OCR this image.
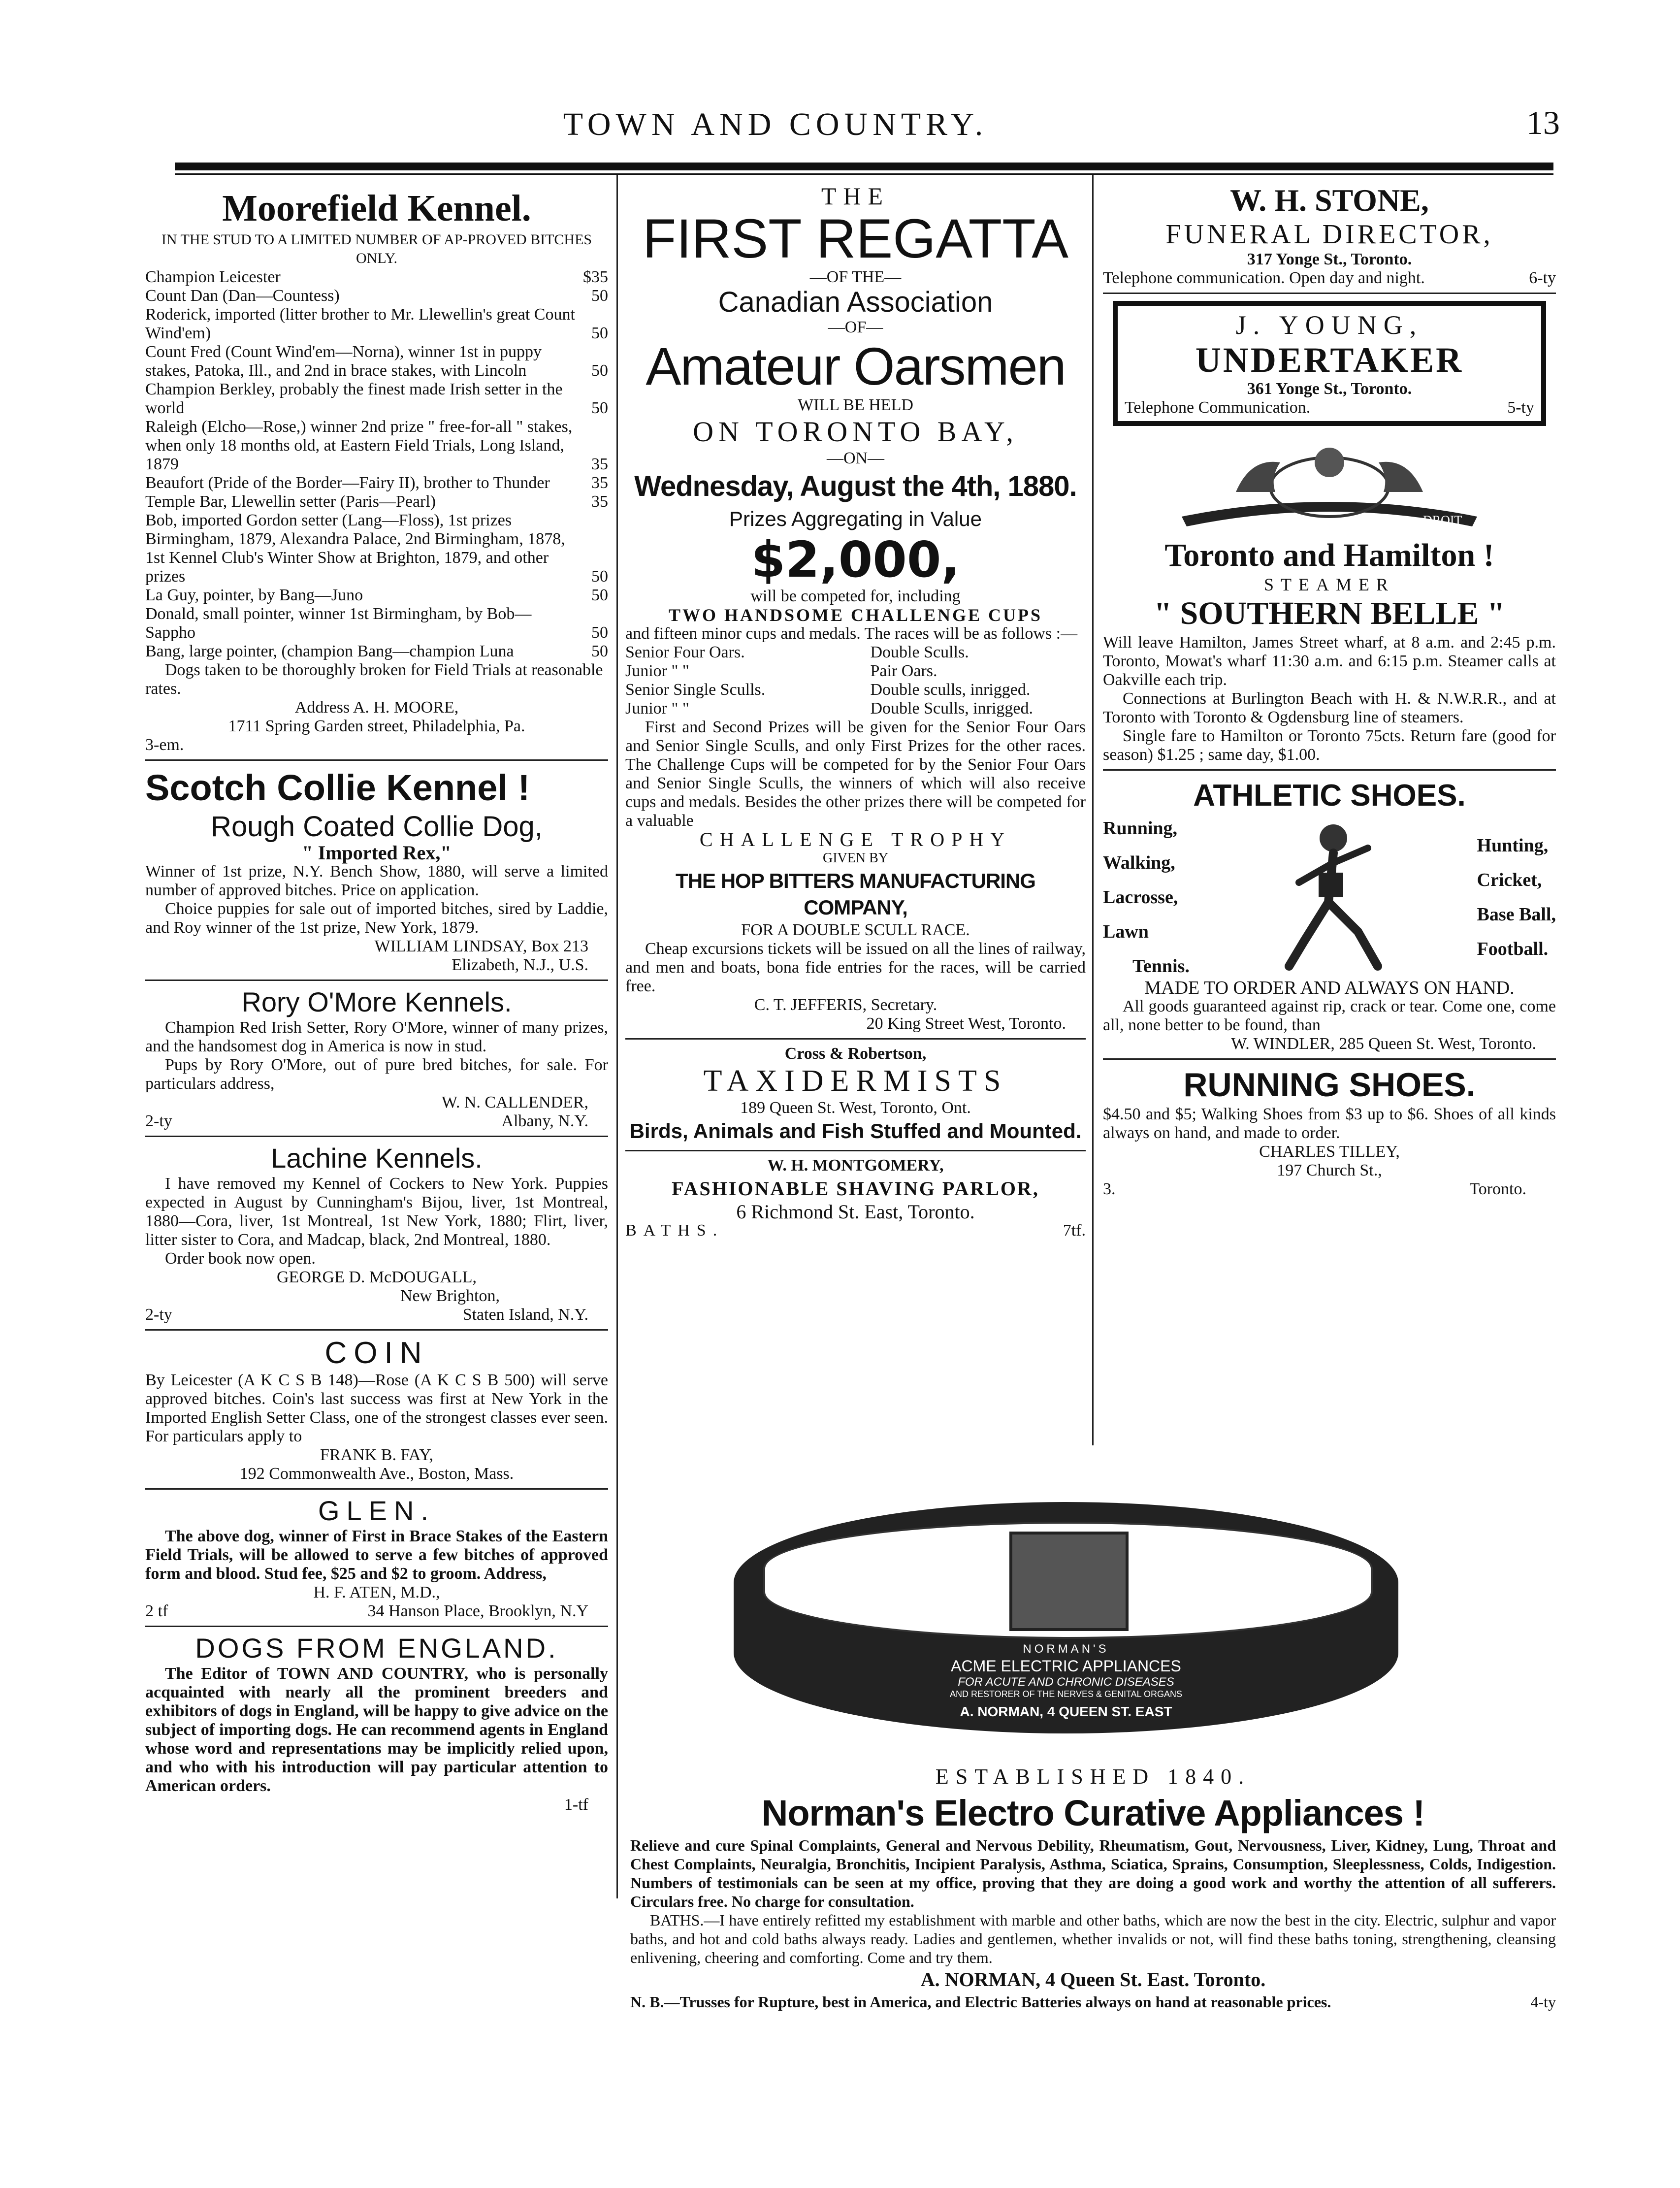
TOWN AND COUNTRY.	13
Moorefield Kennel.
IN THE STUD TO A LIMITED NUMBER OF AP-PROVED BITCHES ONLY.
Champion Leicester	$35
Count Dan (Dan—Countess)	50
Roderick, imported (litter brother to Mr. Llewellin's great Count Wind'em)	50
Count Fred (Count Wind'em—Norna), winner 1st in puppy stakes, Patoka, Ill., and 2nd in brace stakes, with Lincoln	50
Champion Berkley, probably the finest made Irish setter in the world	50
Raleigh (Elcho—Rose,) winner 2nd prize " free-for-all " stakes, when only 18 months old, at Eastern Field Trials, Long Island, 1879	35
Beaufort (Pride of the Border—Fairy II), brother to Thunder	35
Temple Bar, Llewellin setter (Paris—Pearl)	35
Bob, imported Gordon setter (Lang—Floss), 1st prizes Birmingham, 1879, Alexandra Palace, 2nd Birmingham, 1878, 1st Kennel Club's Winter Show at Brighton, 1879, and other prizes	50
La Guy, pointer, by Bang—Juno	50
Donald, small pointer, winner 1st Birmingham, by Bob—Sappho	50
Bang, large pointer, (champion Bang—champion Luna	50
Dogs taken to be thoroughly broken for Field Trials at reasonable rates.
Address A. H. MOORE,
1711 Spring Garden street, Philadelphia, Pa.
3-em.
Scotch Collie Kennel !
Rough Coated Collie Dog,
" Imported Rex,"
Winner of 1st prize, N.Y. Bench Show, 1880, will serve a limited number of approved bitches. Price on application.
Choice puppies for sale out of imported bitches, sired by Laddie, and Roy winner of the 1st prize, New York, 1879.
WILLIAM LINDSAY, Box 213
Elizabeth, N.J., U.S.
Rory O'More Kennels.
Champion Red Irish Setter, Rory O'More, winner of many prizes, and the handsomest dog in America is now in stud.
Pups by Rory O'More, out of pure bred bitches, for sale. For particulars address,
W. N. CALLENDER,
2-ty	Albany, N.Y.
Lachine Kennels.
I have removed my Kennel of Cockers to New York. Puppies expected in August by Cunningham's Bijou, liver, 1st Montreal, 1880—Cora, liver, 1st Montreal, 1st New York, 1880; Flirt, liver, litter sister to Cora, and Madcap, black, 2nd Montreal, 1880.
Order book now open.
GEORGE D. McDOUGALL,
New Brighton,
2-ty	Staten Island, N.Y.
COIN
By Leicester (A K C S B 148)—Rose (A K C S B 500) will serve approved bitches. Coin's last success was first at New York in the Imported English Setter Class, one of the strongest classes ever seen. For particulars apply to
FRANK B. FAY,
192 Commonwealth Ave., Boston, Mass.
GLEN.
The above dog, winner of First in Brace Stakes of the Eastern Field Trials, will be allowed to serve a few bitches of approved form and blood. Stud fee, $25 and $2 to groom. Address,
H. F. ATEN, M.D.,
2 tf	34 Hanson Place, Brooklyn, N.Y
DOGS FROM ENGLAND.
The Editor of TOWN AND COUNTRY, who is personally acquainted with nearly all the prominent breeders and exhibitors of dogs in England, will be happy to give advice on the subject of importing dogs. He can recommend agents in England whose word and representations may be implicitly relied upon, and who with his introduction will pay particular attention to American orders.
1-tf
THE
FIRST REGATTA
—OF THE—
Canadian Association
—OF—
Amateur Oarsmen
WILL BE HELD
ON TORONTO BAY,
—ON—
Wednesday, August the 4th, 1880.
Prizes Aggregating in Value
$2,000,
will be competed for, including
TWO HANDSOME CHALLENGE CUPS
and fifteen minor cups and medals. The races will be as follows :—
Senior Four Oars.	Double Sculls.
Junior " "	Pair Oars.
Senior Single Sculls.	Double sculls, inrigged.
Junior " "	Double Sculls, inrigged.
First and Second Prizes will be given for the Senior Four Oars and Senior Single Sculls, and only First Prizes for the other races. The Challenge Cups will be competed for by the Senior Four Oars and Senior Single Sculls, the winners of which will also receive cups and medals. Besides the other prizes there will be competed for a valuable
CHALLENGE TROPHY
GIVEN BY
THE HOP BITTERS MANUFACTURING COMPANY,
FOR A DOUBLE SCULL RACE.
Cheap excursions tickets will be issued on all the lines of railway, and men and boats, bona fide entries for the races, will be carried free.
C. T. JEFFERIS, Secretary.
20 King Street West, Toronto.
Cross & Robertson,
TAXIDERMISTS
189 Queen St. West, Toronto, Ont.
Birds, Animals and Fish Stuffed and Mounted.
W. H. MONTGOMERY,
FASHIONABLE SHAVING PARLOR,
6 Richmond St. East, Toronto.
BATHS.	7tf.
W. H. STONE,
FUNERAL DIRECTOR,
317 Yonge St., Toronto.
Telephone communication. Open day and night.	6-ty
J. YOUNG,
UNDERTAKER
361 Yonge St., Toronto.
Telephone Communication.	5-ty
DROIT
Toronto and Hamilton !
STEAMER
" SOUTHERN BELLE "
Will leave Hamilton, James Street wharf, at 8 a.m. and 2:45 p.m. Toronto, Mowat's wharf 11:30 a.m. and 6:15 p.m. Steamer calls at Oakville each trip.
Connections at Burlington Beach with H. & N.W.R.R., and at Toronto with Toronto & Ogdensburg line of steamers.
Single fare to Hamilton or Toronto 75cts. Return fare (good for season) $1.25 ; same day, $1.00.
ATHLETIC SHOES.
Running,
Walking,
Lacrosse,
Lawn
Tennis.
Hunting,
Cricket,
Base Ball,
Football.
MADE TO ORDER AND ALWAYS ON HAND.
All goods guaranteed against rip, crack or tear. Come one, come all, none better to be found, than
W. WINDLER, 285 Queen St. West, Toronto.
RUNNING SHOES.
$4.50 and $5; Walking Shoes from $3 up to $6. Shoes of all kinds always on hand, and made to order.
CHARLES TILLEY,
197 Church St.,
3.	Toronto.
NORMAN'S
ACME ELECTRIC APPLIANCES
FOR ACUTE AND CHRONIC DISEASES
AND RESTORER OF THE NERVES & GENITAL ORGANS
A. NORMAN, 4 QUEEN ST. EAST
ESTABLISHED 1840.
Norman's Electro Curative Appliances !
Relieve and cure Spinal Complaints, General and Nervous Debility, Rheumatism, Gout, Nervousness, Liver, Kidney, Lung, Throat and Chest Complaints, Neuralgia, Bronchitis, Incipient Paralysis, Asthma, Sciatica, Sprains, Consumption, Sleeplessness, Colds, Indigestion. Numbers of testimonials can be seen at my office, proving that they are doing a good work and worthy the attention of all sufferers. Circulars free. No charge for consultation.
BATHS.—I have entirely refitted my establishment with marble and other baths, which are now the best in the city. Electric, sulphur and vapor baths, and hot and cold baths always ready. Ladies and gentlemen, whether invalids or not, will find these baths toning, strengthening, cleansing enlivening, cheering and comforting. Come and try them.
A. NORMAN, 4 Queen St. East. Toronto.
N. B.—Trusses for Rupture, best in America, and Electric Batteries always on hand at reasonable prices.	4-ty
